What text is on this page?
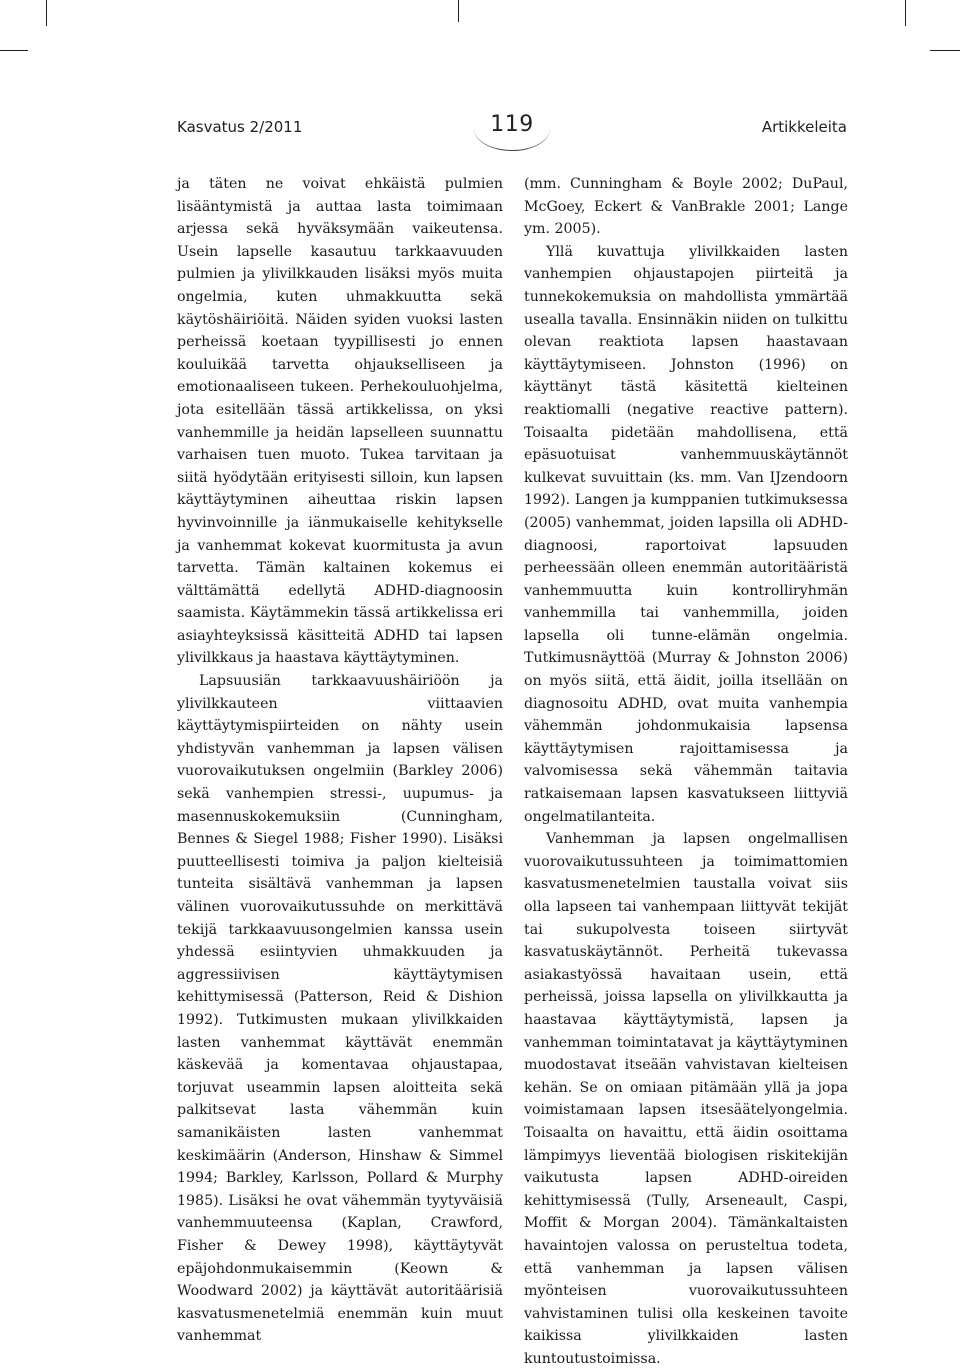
Kasvatus 2/2011	119	Artikkeleita

ja täten ne voivat ehkäistä pulmien lisääntymistä ja auttaa lasta toimimaan arjessa sekä hyväksymään vaikeutensa. Usein lapselle kasautuu tarkkaavuuden pulmien ja ylivilkkauden lisäksi myös muita ongelmia, kuten uhmakkuutta sekä käytöshäiriöitä. Näiden syiden vuoksi lasten perheissä koetaan tyypillisesti jo ennen kouluikää tarvetta ohjaukselliseen ja emotionaaliseen tukeen. Perhekouluohjelma, jota esitellään tässä artikkelissa, on yksi vanhemmille ja heidän lapselleen suunnattu varhaisen tuen muoto. Tukea tarvitaan ja siitä hyödytään erityisesti silloin, kun lapsen käyttäytyminen aiheuttaa riskin lapsen hyvinvoinnille ja iänmukaiselle kehitykselle ja vanhemmat kokevat kuormitusta ja avun tarvetta. Tämän kaltainen kokemus ei välttämättä edellytä ADHD-diagnoosin saamista. Käytämmekin tässä artikkelissa eri asiayhteyksissä käsitteitä ADHD tai lapsen ylivilkkaus ja haastava käyttäytyminen.

Lapsuusiän tarkkaavuushäiriöön ja ylivilkkauteen viittaavien käyttäytymispiirteiden on nähty usein yhdistyvän vanhemman ja lapsen välisen vuorovaikutuksen ongelmiin (Barkley 2006) sekä vanhempien stressi-, uupumus- ja masennuskokemuksiin (Cunningham, Bennes & Siegel 1988; Fisher 1990). Lisäksi puutteellisesti toimiva ja paljon kielteisiä tunteita sisältävä vanhemman ja lapsen välinen vuorovaikutussuhde on merkittävä tekijä tarkkaavuusongelmien kanssa usein yhdessä esiintyvien uhmakkuuden ja aggressiivisen käyttäytymisen kehittymisessä (Patterson, Reid & Dishion 1992). Tutkimusten mukaan ylivilkkaiden lasten vanhemmat käyttävät enemmän käskevää ja komentavaa ohjaustapaa, torjuvat useammin lapsen aloitteita sekä palkitsevat lasta vähemmän kuin samanikäisten lasten vanhemmat keskimäärin (Anderson, Hinshaw & Simmel 1994; Barkley, Karlsson, Pollard & Murphy 1985). Lisäksi he ovat vähemmän tyytyväisiä vanhemmuuteensa (Kaplan, Crawford, Fisher & Dewey 1998), käyttäytyvät epäjohdonmukaisemmin (Keown & Woodward 2002) ja käyttävät autoritäärisiä kasvatusmenetelmiä enemmän kuin muut vanhemmat

(mm. Cunningham & Boyle 2002; DuPaul, McGoey, Eckert & VanBrakle 2001; Lange ym. 2005).

Yllä kuvattuja ylivilkkaiden lasten vanhempien ohjaustapojen piirteitä ja tunnekokemuksia on mahdollista ymmärtää usealla tavalla. Ensinnäkin niiden on tulkittu olevan reaktiota lapsen haastavaan käyttäytymiseen. Johnston (1996) on käyttänyt tästä käsitettä kielteinen reaktiomalli (negative reactive pattern). Toisaalta pidetään mahdollisena, että epäsuotuisat vanhemmuuskäytännöt kulkevat suvuittain (ks. mm. Van IJzendoorn 1992). Langen ja kumppanien tutkimuksessa (2005) vanhemmat, joiden lapsilla oli ADHD-diagnoosi, raportoivat lapsuuden perheessään olleen enemmän autoritääristä vanhemmuutta kuin kontrolliryhmän vanhemmilla tai vanhemmilla, joiden lapsella oli tunne-elämän ongelmia. Tutkimusnäyttöä (Murray & Johnston 2006) on myös siitä, että äidit, joilla itsellään on diagnosoitu ADHD, ovat muita vanhempia vähemmän johdonmukaisia lapsensa käyttäytymisen rajoittamisessa ja valvomisessa sekä vähemmän taitavia ratkaisemaan lapsen kasvatukseen liittyviä ongelmatilanteita.

Vanhemman ja lapsen ongelmallisen vuorovaikutussuhteen ja toimimattomien kasvatusmenetelmien taustalla voivat siis olla lapseen tai vanhempaan liittyvät tekijät tai sukupolvesta toiseen siirtyvät kasvatuskäytännöt. Perheitä tukevassa asiakastyössä havaitaan usein, että perheissä, joissa lapsella on ylivilkkautta ja haastavaa käyttäytymistä, lapsen ja vanhemman toimintatavat ja käyttäytyminen muodostavat itseään vahvistavan kielteisen kehän. Se on omiaan pitämään yllä ja jopa voimistamaan lapsen itsesäätelyongelmia. Toisaalta on havaittu, että äidin osoittama lämpimyys lieventää biologisen riskitekijän vaikutusta lapsen ADHD-oireiden kehittymisessä (Tully, Arseneault, Caspi, Moffit & Morgan 2004). Tämänkaltaisten havaintojen valossa on perusteltua todeta, että vanhemman ja lapsen välisen myönteisen vuorovaikutussuhteen vahvistaminen tulisi olla keskeinen tavoite kaikissa ylivilkkaiden lasten kuntoutustoimissa.
